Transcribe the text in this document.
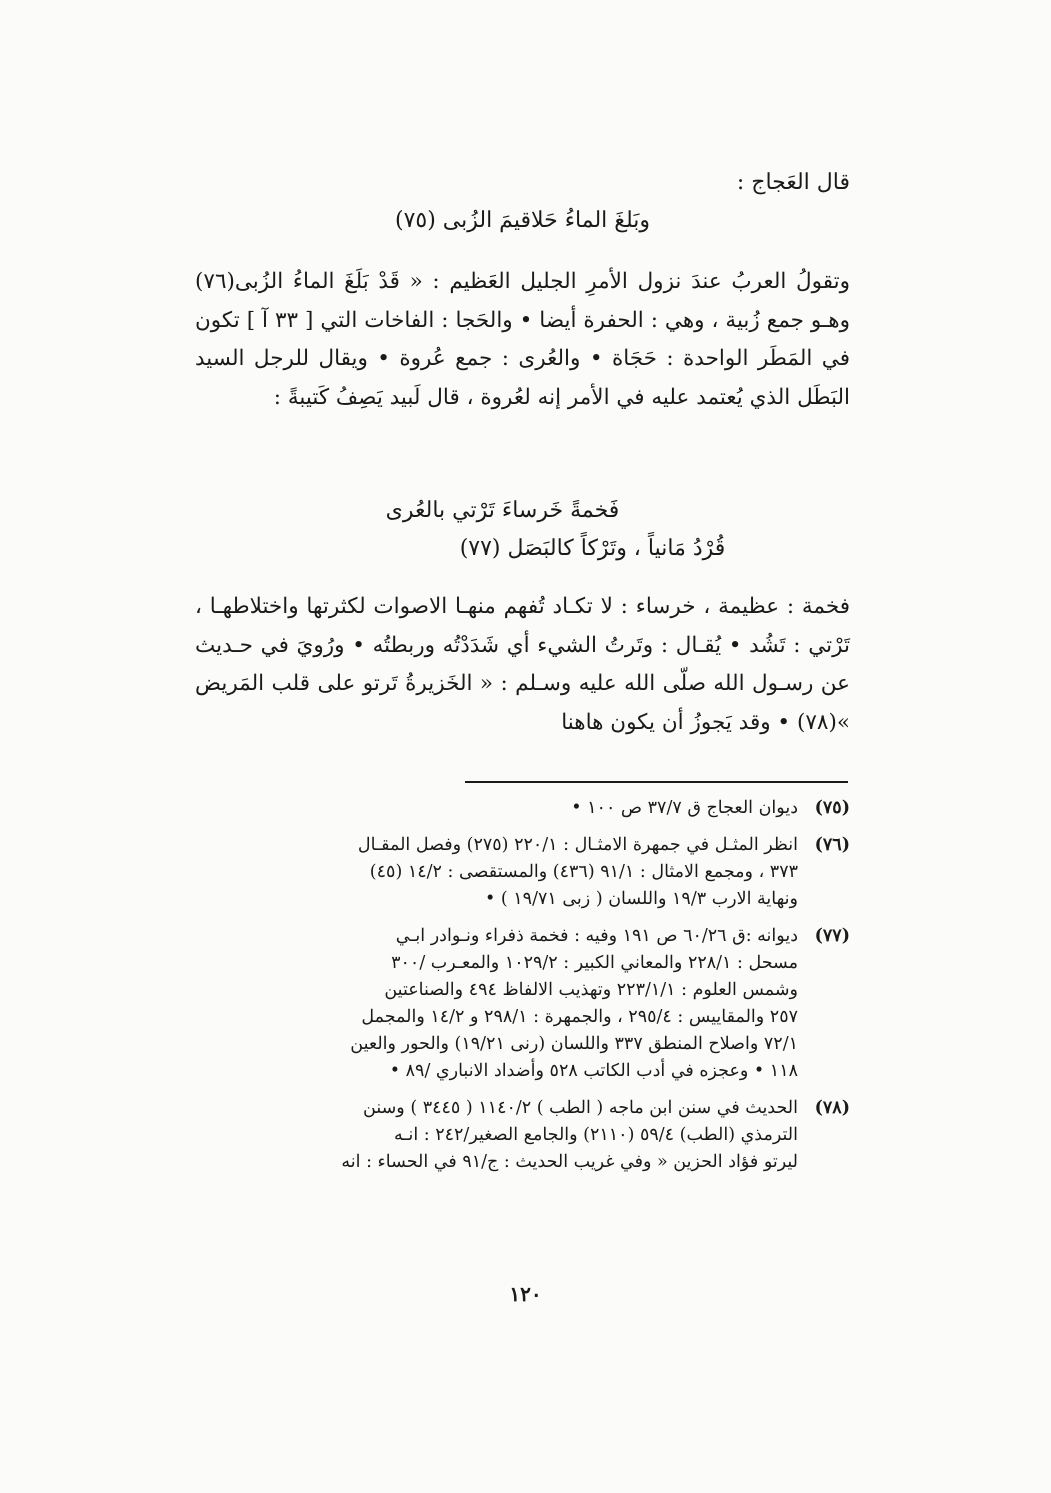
قال العَجاج :
وبَلغَ الماءُ حَلاقيمَ الزُبى (٧٥)
وتقولُ العربُ عندَ نزول الأمرِ الجليل العَظيم : « قَدْ بَلَغَ الماءُ الزُبى(٧٦) وهـو جمع زُبية ، وهي : الحفرة أيضا • والحَجا : الفاخات التي [ ٣٣ آ ] تكون في المَطَر الواحدة : حَجَاة • والعُرى : جمع عُروة • ويقال للرجل السيد البَطَل الذي يُعتمد عليه في الأمر إنه لعُروة ، قال لَبيد يَصِفُ كَتيبةً :
فَخمةً خَرساءَ تَرْتي بالعُرى
قُرْدُ مَانياً ، وتَرْكاً كالبَصَل (٧٧)
فخمة : عظيمة ، خرساء : لا تكـاد تُفهم منهـا الاصوات لكثرتها واختلاطهـا ، تَرْتي : تَشُد • يُقـال : وتَرتُ الشيء أي شَدَدْتُه وربطتُه • ورُويَ في حـديث عن رسـول الله صلّى الله عليه وسـلم : « الخَزيرةُ تَرتو على قلب المَريض »(٧٨) • وقد يَجوزُ أن يكون هاهنا
(٧٥)
ديوان العجاج ق ٣٧/٧ ص ١٠٠ •
(٧٦)
انظر المثـل في جمهرة الامثـال : ٢٢٠/١ (٢٧٥) وفصل المقـال
٣٧٣ ، ومجمع الامثال : ٩١/١ (٤٣٦) والمستقصى : ١٤/٢ (٤٥)
ونهاية الارب ١٩/٣ واللسان ( زبى ١٩/٧١ ) •
(٧٧)
ديوانه :ق ٦٠/٢٦ ص ١٩١ وفيه : فخمة ذفراء ونـوادر ابـي
مسحل : ٢٢٨/١ والمعاني الكبير : ١٠٢٩/٢ والمعـرب /٣٠٠
وشمس العلوم : ٢٢٣/١/١ وتهذيب الالفاظ ٤٩٤ والصناعتين
٢٥٧ والمقاييس : ٢٩٥/٤ ، والجمهرة : ٢٩٨/١ و ١٤/٢ والمجمل
٧٢/١ واصلاح المنطق ٣٣٧ واللسان (رنى ١٩/٢١) والحور والعين
١١٨ • وعجزه في أدب الكاتب ٥٢٨ وأضداد الانباري /٨٩ •
(٧٨)
الحديث في سنن ابن ماجه ( الطب ) ١١٤٠/٢ ( ٣٤٤٥ ) وسنن
الترمذي (الطب) ٥٩/٤ (٢١١٠) والجامع الصغير/٢٤٢ : انـه
ليرتو فؤاد الحزين « وفي غريب الحديث : ج/٩١ في الحساء : انه
١٢٠
